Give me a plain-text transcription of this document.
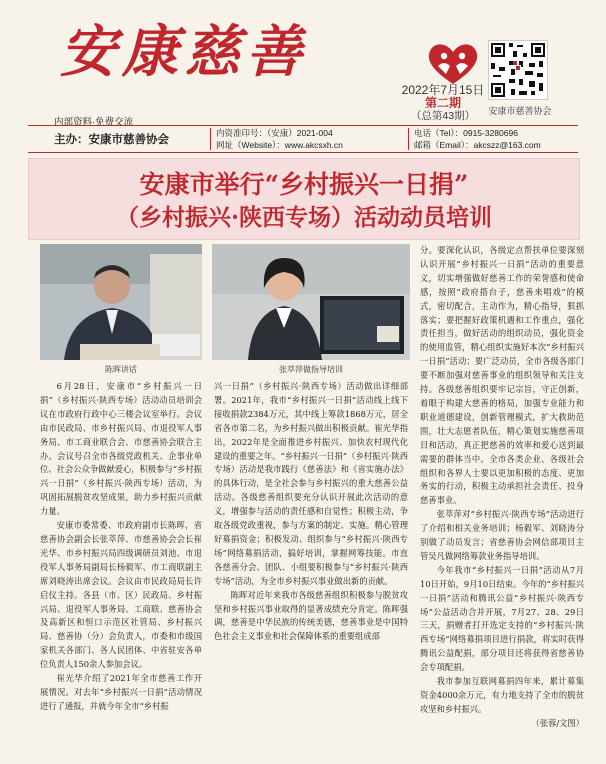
安康慈善
2022年7月15日
第二期
（总第43期）	安康市慈善协会
内部资料·免费交流
主办：安康市慈善协会
内资准印号：（安康）2021-004
网址（Website）：www.akcsxh.cn
电话（Tel）：0915-3280696
邮箱（Email）：akcszz@163.com
安康市举行“乡村振兴一日捐”
（乡村振兴·陕西专场）活动动员培训
陈晖讲话	张萃萍做指导培训

6月28日，安康市“乡村振兴一日捐”（乡村振兴·陕西专场）活动动员培训会议在市政府行政中心三楼会议室举行。会议由市民政局、市乡村振兴局、市退役军人事务局、市工商业联合会、市慈善协会联合主办。会议号召全市各级党政机关、企事业单位、社会公众争做献爱心，积极参与“乡村振兴一日捐”（乡村振兴·陕西专场）活动，为巩固拓展脱贫攻坚成果，助力乡村振兴贡献力量。

安康市委常委、市政府副市长陈晖，省慈善协会副会长张萃萍、市慈善协会会长崔光华、市乡村振兴局四级调研员刘池、市退役军人事务局副局长杨毅军、市工商联副主席刘晓涛出席会议。会议由市民政局局长许启仪主持。各县（市、区）民政局、乡村振兴局、退役军人事务局、工商联、慈善协会及高新区和恒口示范区社管局、乡村振兴局、慈善协（分）会负责人，市委和市级国家机关各部门、各人民团体、中省驻安各单位负责人150余人参加会议。

崔光华介绍了2021年全市慈善工作开展情况。对去年“乡村振兴一日捐”活动情况进行了通报，并就今年全市“乡村振

兴一日捐”（乡村振兴·陕西专场）活动做出详细部署。2021年，我市“乡村振兴一日捐”活动线上线下接收捐款2384万元，其中线上筹款1868万元，居全省各市第二名，为乡村振兴做出积极贡献。崔光华指出，2022年是全面推进乡村振兴、加快农村现代化建设的重要之年。“乡村振兴一日捐”（乡村振兴·陕西专场）活动是我市践行《慈善法》和《省实施办法》的具体行动，是全社会参与乡村振兴的重大慈善公益活动。各级慈善组织要充分认识开展此次活动的意义，增强参与活动的责任感和自觉性；积极主动，争取各级党政重视，参与方案的制定、实施。精心管理好募捐资金；积极发动、组织参与“乡村振兴·陕西专场”网络募捐活动，搞好培训，掌握网筹技能。市直各慈善分会、团队、小组要积极参与“乡村振兴·陕西专场”活动，为全市乡村振兴事业做出新的贡献。

陈晖对近年来我市各级慈善组织积极参与脱贫攻坚和乡村振兴事业取得的显著成绩充分肯定。陈晖强调，慈善是中华民族的传统美德，慈善事业是中国特色社会主义事业和社会保障体系的重要组成部

分。要深化认识，各级定点帮扶单位要深刻认识开展“乡村振兴一日捐”活动的重要意义，切实增强做好慈善工作的荣誉感和使命感，按照“政府搭台子，慈善来唱戏”的模式，密切配合，主动作为，精心指导，狠抓落实；要把握好政策机遇和工作重点，强化责任担当，做好活动的组织动员，强化资金的使用监管，精心组织实施好本次“乡村振兴一日捐”活动；要广泛动员，全市各级各部门要不断加强对慈善事业的组织领导和关注支持。各级慈善组织要牢记宗旨，守正创新，着眼于构建大慈善的格局，加强专业能力和职业道德建设，创新管理模式，扩大救助范围，壮大志愿者队伍，精心策划实施慈善项目和活动，真正把慈善的效率和爱心送到最需要的群体当中。全市各类企业、各级社会组织和各界人士要以更加积极的态度、更加务实的行动，积极主动承担社会责任、投身慈善事业。

张萃萍对“乡村振兴·陕西专场”活动进行了介绍和相关业务培训；杨毅军、刘晓涛分别做了动员发言；省慈善协会网信部项目主管吴凡做网络筹款业务指导培训。

今年我市“乡村振兴一日捐”活动从7月10日开始，9月10日结束。今年的“乡村振兴一日捐”活动和腾讯公益“乡村振兴·陕西专场”公益活动合并开展，7月27、28、29日三天，捐赠者打开选定支持的“乡村振兴·陕西专场”网络募捐项目进行捐款，将实时获得腾讯公益配捐，部分项目还将获得省慈善协会专项配捐。

我市参加互联网募捐四年来，累计募集资金4000余万元，有力地支持了全市的脱贫攻坚和乡村振兴。

（张蓉/文图）
